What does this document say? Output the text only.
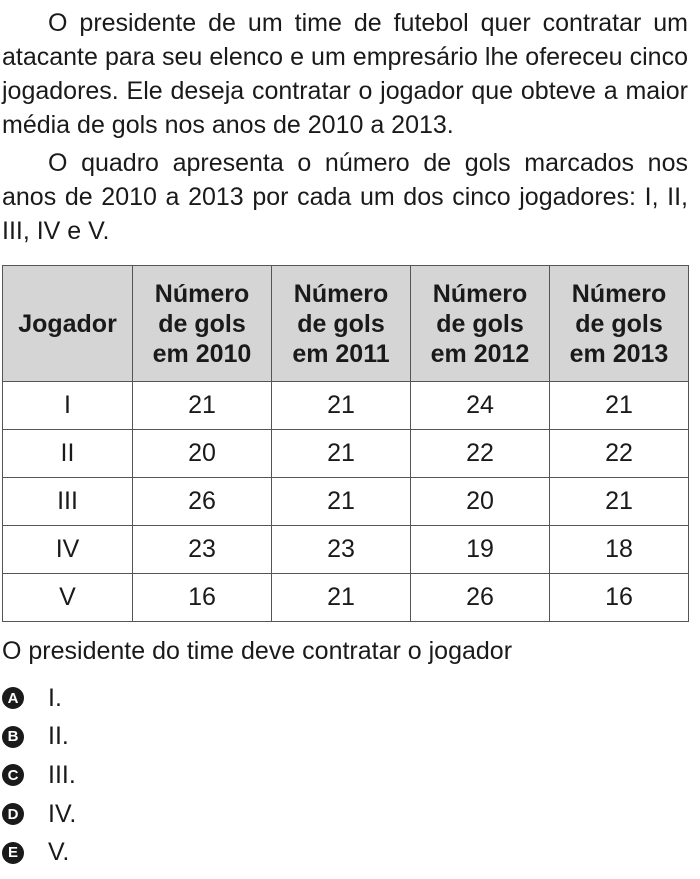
O presidente de um time de futebol quer contratar um atacante para seu elenco e um empresário lhe ofereceu cinco jogadores. Ele deseja contratar o jogador que obteve a maior média de gols nos anos de 2010 a 2013.

O quadro apresenta o número de gols marcados nos anos de 2010 a 2013 por cada um dos cinco jogadores: I, II, III, IV e V.

Jogador	Número
de gols
em 2010	Número
de gols
em 2011	Número
de gols
em 2012	Número
de gols
em 2013
I	21	21	24	21
II	20	21	22	22
III	26	21	20	21
IV	23	23	19	18
V	16	21	26	16

O presidente do time deve contratar o jogador

A I.
B II.
C III.
D IV.
E V.
